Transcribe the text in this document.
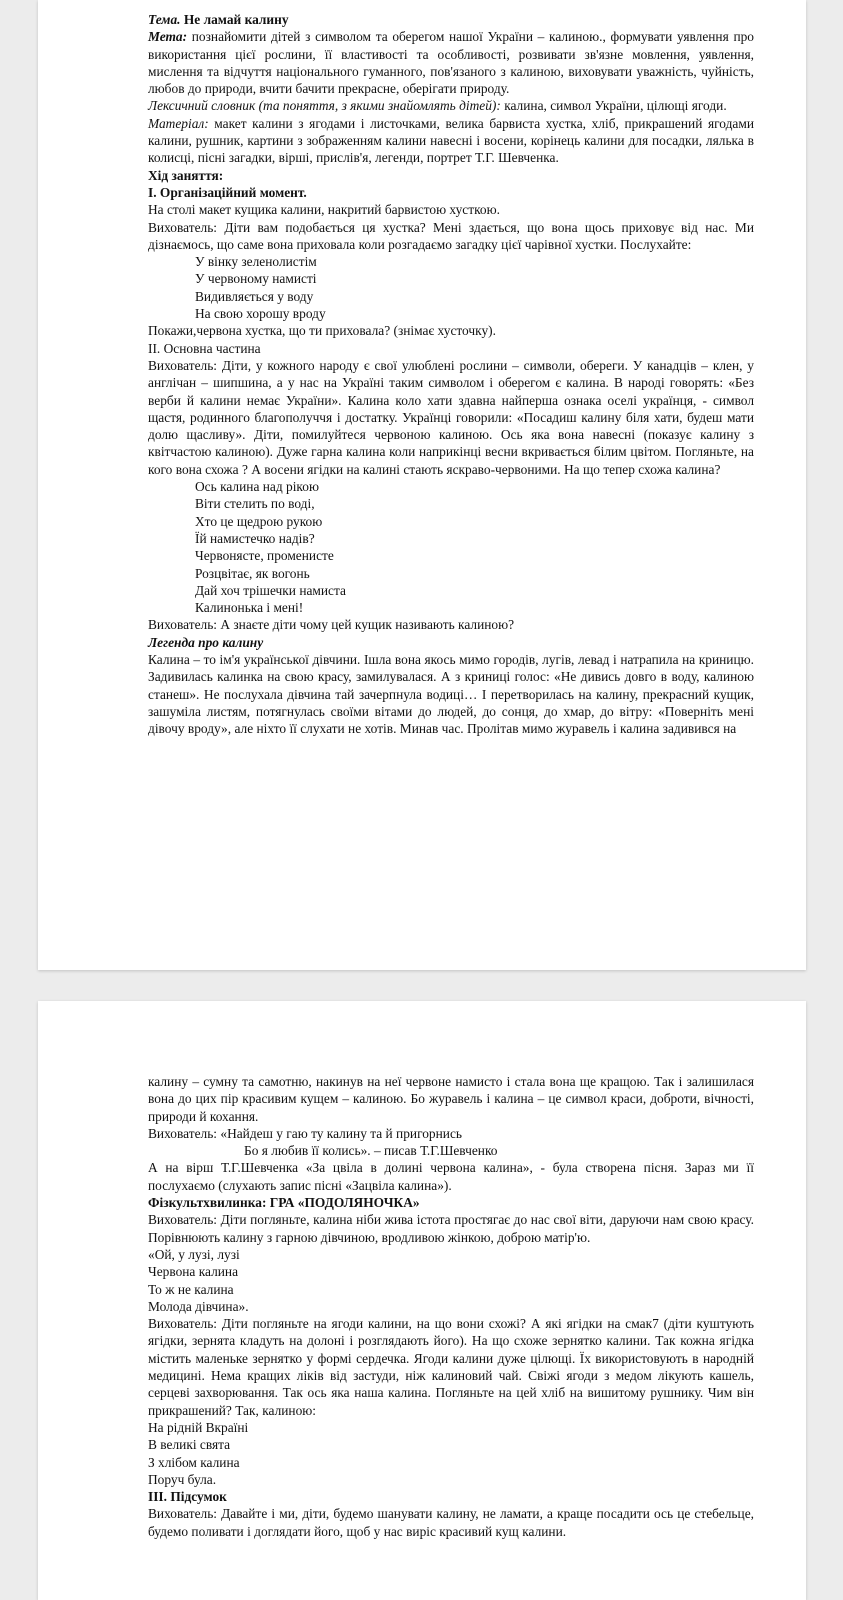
Тема. Не ламай калину

Мета: познайомити дітей з символом та оберегом нашої України – калиною., формувати уявлення про використання цієї рослини, її властивості та особливості, розвивати зв'язне мовлення, уявлення, мислення та відчуття національного гуманного, пов'язаного з калиною, виховувати уважність, чуйність, любов до природи, вчити бачити прекрасне, оберігати природу.

Лексичний словник (та поняття, з якими знайомлять дітей): калина, символ України, цілющі ягоди.

Матеріал: макет калини з ягодами і листочками, велика барвиста хустка, хліб, прикрашений ягодами калини, рушник, картини з зображенням калини навесні і восени, корінець калини для посадки, лялька в колисці, пісні загадки, вірші, прислів'я, легенди, портрет Т.Г. Шевченка.

Хід заняття:

I. Організаційний момент.

На столі макет кущика калини, накритий барвистою хусткою.

Вихователь: Діти вам подобається ця хустка? Мені здається, що вона щось приховує від нас. Ми дізнаємось, що саме вона приховала коли розгадаємо загадку цієї чарівної хустки. Послухайте:

У вінку зеленолистім

У червоному намисті

Видивляється у воду

На свою хорошу вроду

Покажи,червона хустка, що ти приховала? (знімає хусточку).

II. Основна частина

Вихователь: Діти, у кожного народу є свої улюблені рослини – символи, обереги. У канадців – клен, у англічан – шипшина, а у нас на Україні таким символом і оберегом є калина. В народі говорять: «Без верби й калини немає України». Калина коло хати здавна найперша ознака оселі українця, - символ щастя, родинного благополуччя і достатку. Українці говорили: «Посадиш калину біля хати, будеш мати долю щасливу». Діти, помилуйтеся червоною калиною. Ось яка вона навесні (показує калину з квітчастою калиною). Дуже гарна калина коли наприкінці весни вкривається білим цвітом. Погляньте, на кого вона схожа ? А восени ягідки на калині стають яскраво-червоними. На що тепер схожа калина?

Ось калина над рікою

Віти стелить по воді,

Хто це щедрою рукою

Їй намистечко надів?

Червонясте, променисте

Розцвітає, як вогонь

Дай хоч трішечки намиста

Калинонька і мені!

Вихователь: А знаєте діти чому цей кущик називають калиною?

Легенда про калину

Калина – то ім'я української дівчини. Ішла вона якось мимо городів, лугів, левад і натрапила на криницю. Задивилась калинка на свою красу, замилувалася. А з криниці голос: «Не дивись довго в воду, калиною станеш». Не послухала дівчина тай зачерпнула водиці… І перетворилась на калину, прекрасний кущик, зашуміла листям, потягнулась своїми вітами до людей, до сонця, до хмар, до вітру: «Поверніть мені дівочу вроду», але ніхто її слухати не хотів. Минав час. Пролітав мимо журавель і калина задивився на

калину – сумну та самотню, накинув на неї червоне намисто і стала вона ще кращою. Так і залишилася вона до цих пір красивим кущем – калиною. Бо журавель і калина – це символ краси, доброти, вічності, природи й кохання.

Вихователь: «Найдеш у гаю ту калину та й пригорнись

Бо я любив її колись». – писав Т.Г.Шевченко

А на вірш Т.Г.Шевченка «За цвіла в долині червона калина», - була створена пісня. Зараз ми її послухаємо (слухають запис пісні «Зацвіла калина»).

Фізкультхвилинка: ГРА «ПОДОЛЯНОЧКА»

Вихователь: Діти погляньте, калина ніби жива істота простягає до нас свої віти, даруючи нам свою красу. Порівнюють калину з гарною дівчиною, вродливою жінкою, доброю матір'ю.

«Ой, у лузі, лузі

Червона калина

То ж не калина

Молода дівчина».

Вихователь: Діти погляньте на ягоди калини, на що вони схожі? А які ягідки на смак7 (діти куштують ягідки, зернята кладуть на долоні і розглядають його). На що схоже зернятко калини. Так кожна ягідка містить маленьке зернятко у формі сердечка. Ягоди калини дуже цілющі. Їх використовують в народній медицині. Нема кращих ліків від застуди, ніж калиновий чай. Свіжі ягоди з медом лікують кашель, серцеві захворювання. Так ось яка наша калина. Погляньте на цей хліб на вишитому рушнику. Чим він прикрашений? Так, калиною:

На рідній Вкраїні

В великі свята

З хлібом калина

Поруч була.

III. Підсумок

Вихователь: Давайте і ми, діти, будемо шанувати калину, не ламати, а краще посадити ось це стебельце, будемо поливати і доглядати його, щоб у нас виріс красивий кущ калини.
